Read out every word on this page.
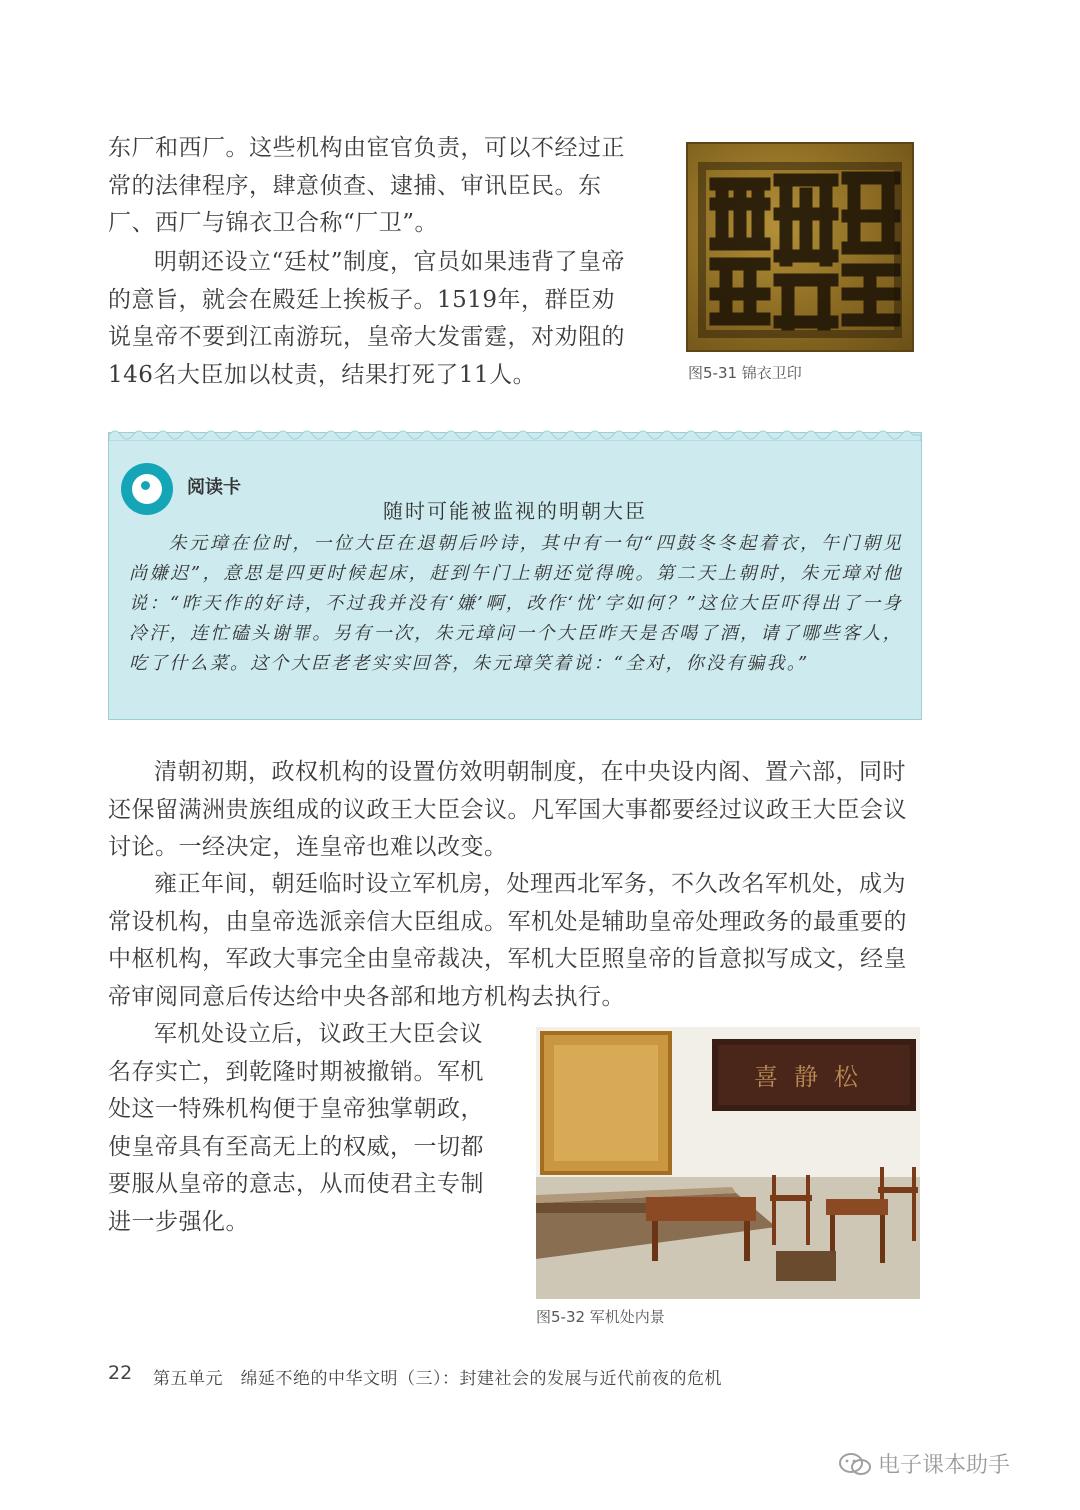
东厂和西厂。这些机构由宦官负责，可以不经过正常的法律程序，肆意侦查、逮捕、审讯臣民。东厂、西厂与锦衣卫合称“厂卫”。

明朝还设立“廷杖”制度，官员如果违背了皇帝的意旨，就会在殿廷上挨板子。1519年，群臣劝说皇帝不要到江南游玩，皇帝大发雷霆，对劝阻的146名大臣加以杖责，结果打死了11人。	图5-31 锦衣卫印
阅读卡
随时可能被监视的明朝大臣

朱元璋在位时，一位大臣在退朝后吟诗，其中有一句“四鼓冬冬起着衣，午门朝见尚嫌迟”，意思是四更时候起床，赶到午门上朝还觉得晚。第二天上朝时，朱元璋对他说：“昨天作的好诗，不过我并没有‘嫌’啊，改作‘忧’字如何？”这位大臣吓得出了一身冷汗，连忙磕头谢罪。另有一次，朱元璋问一个大臣昨天是否喝了酒，请了哪些客人，吃了什么菜。这个大臣老老实实回答，朱元璋笑着说：“全对，你没有骗我。”

清朝初期，政权机构的设置仿效明朝制度，在中央设内阁、置六部，同时还保留满洲贵族组成的议政王大臣会议。凡军国大事都要经过议政王大臣会议讨论。一经决定，连皇帝也难以改变。

雍正年间，朝廷临时设立军机房，处理西北军务，不久改名军机处，成为常设机构，由皇帝选派亲信大臣组成。军机处是辅助皇帝处理政务的最重要的中枢机构，军政大事完全由皇帝裁决，军机大臣照皇帝的旨意拟写成文，经皇帝审阅同意后传达给中央各部和地方机构去执行。

军机处设立后，议政王大臣会议名存实亡，到乾隆时期被撤销。军机处这一特殊机构便于皇帝独掌朝政，使皇帝具有至高无上的权威，一切都要服从皇帝的意志，从而使君主专制进一步强化。

喜静松
图5-32 军机处内景
22 第五单元　绵延不绝的中华文明（三）：封建社会的发展与近代前夜的危机
电子课本助手
